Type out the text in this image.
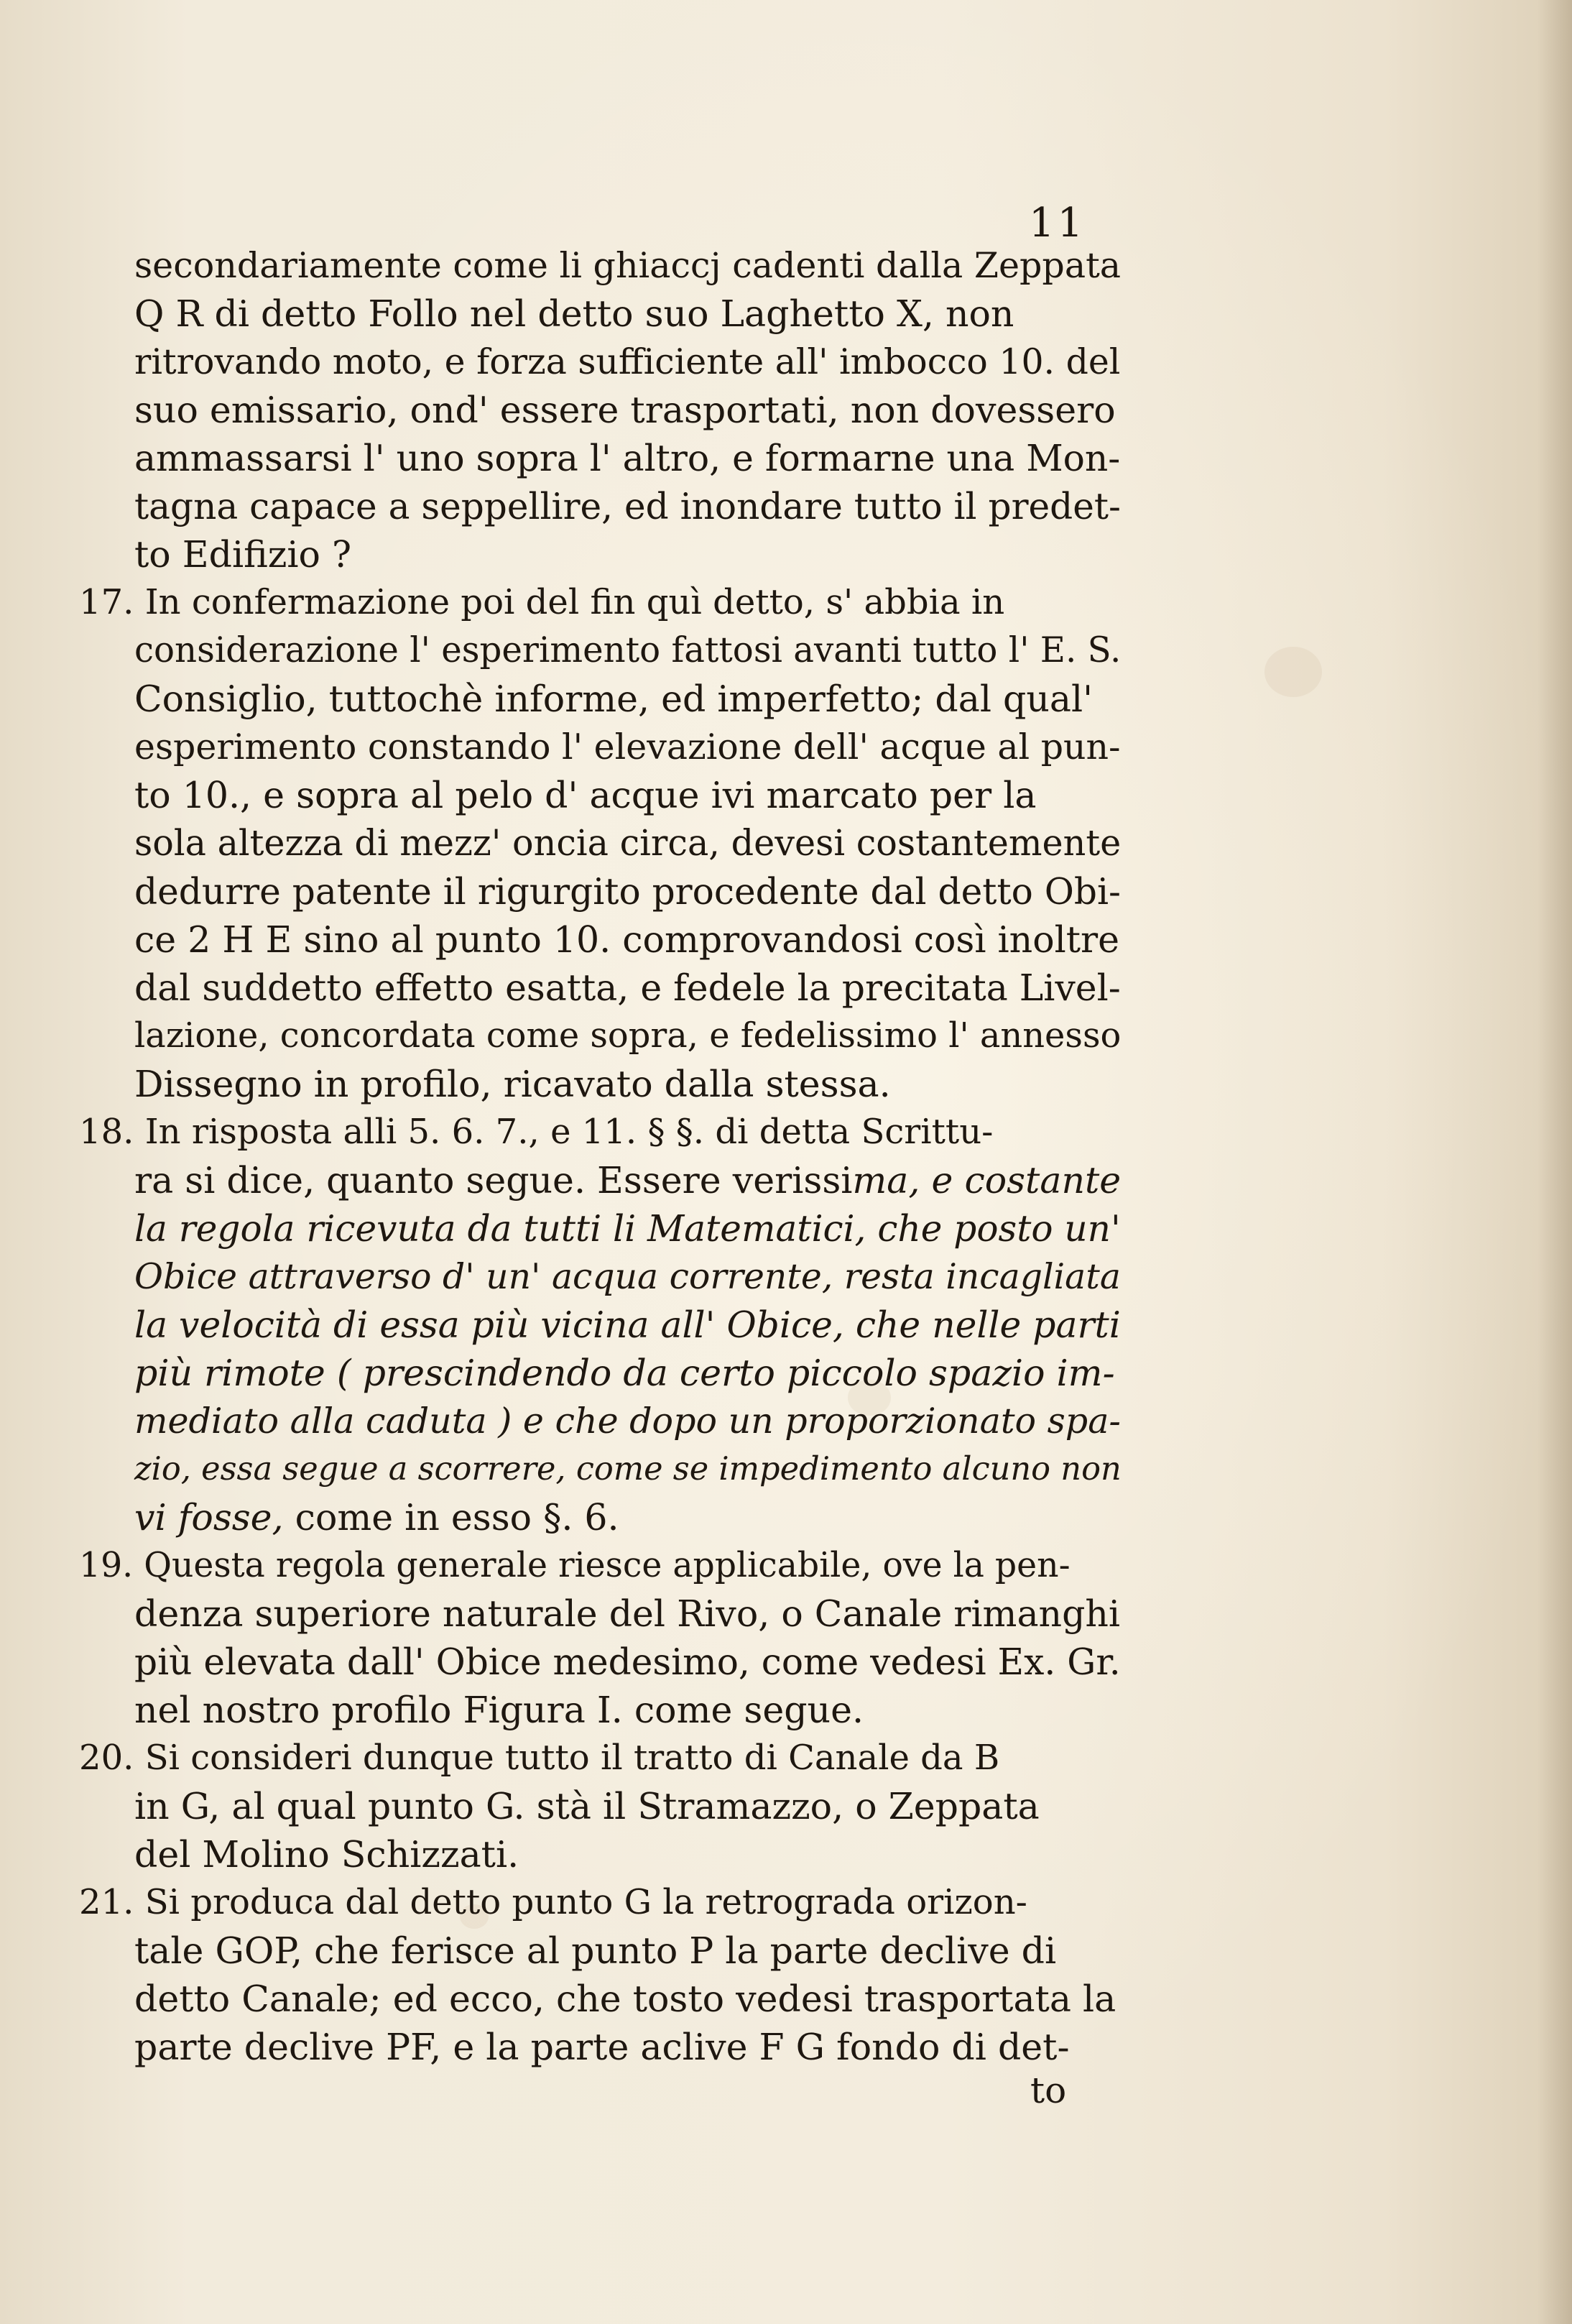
11
secondariamente come li ghiaccj cadenti dalla Zeppata
Q R di detto Follo nel detto suo Laghetto X, non
ritrovando moto, e forza sufficiente all' imbocco 10. del
suo emissario, ond' essere trasportati, non dovessero
ammassarsi l' uno sopra l' altro, e formarne una Mon-
tagna capace a seppellire, ed inondare tutto il predet-
to Edifizio ?
17. In confermazione poi del fin quì detto, s' abbia in
considerazione l' esperimento fattosi avanti tutto l' E. S.
Consiglio, tuttochè informe, ed imperfetto; dal qual'
esperimento constando l' elevazione dell' acque al pun-
to 10., e sopra al pelo d' acque ivi marcato per la
sola altezza di mezz' oncia circa, devesi costantemente
dedurre patente il rigurgito procedente dal detto Obi-
ce 2 H E sino al punto 10. comprovandosi così inoltre
dal suddetto effetto esatta, e fedele la precitata Livel-
lazione, concordata come sopra, e fedelissimo l' annesso
Dissegno in profilo, ricavato dalla stessa.
18. In risposta alli 5. 6. 7., e 11. § §. di detta Scrittu-
ra si dice, quanto segue. Essere verissima, e costante
la regola ricevuta da tutti li Matematici, che posto un'
Obice attraverso d' un' acqua corrente, resta incagliata
la velocità di essa più vicina all' Obice, che nelle parti
più rimote ( prescindendo da certo piccolo spazio im-
mediato alla caduta ) e che dopo un proporzionato spa-
zio, essa segue a scorrere, come se impedimento alcuno non
vi fosse, come in esso §. 6.
19. Questa regola generale riesce applicabile, ove la pen-
denza superiore naturale del Rivo, o Canale rimanghi
più elevata dall' Obice medesimo, come vedesi Ex. Gr.
nel nostro profilo Figura I. come segue.
20. Si consideri dunque tutto il tratto di Canale da B
in G, al qual punto G. stà il Stramazzo, o Zeppata
del Molino Schizzati.
21. Si produca dal detto punto G la retrograda orizon-
tale GOP, che ferisce al punto P la parte declive di
detto Canale; ed ecco, che tosto vedesi trasportata la
parte declive PF, e la parte aclive F G fondo di det-
to
